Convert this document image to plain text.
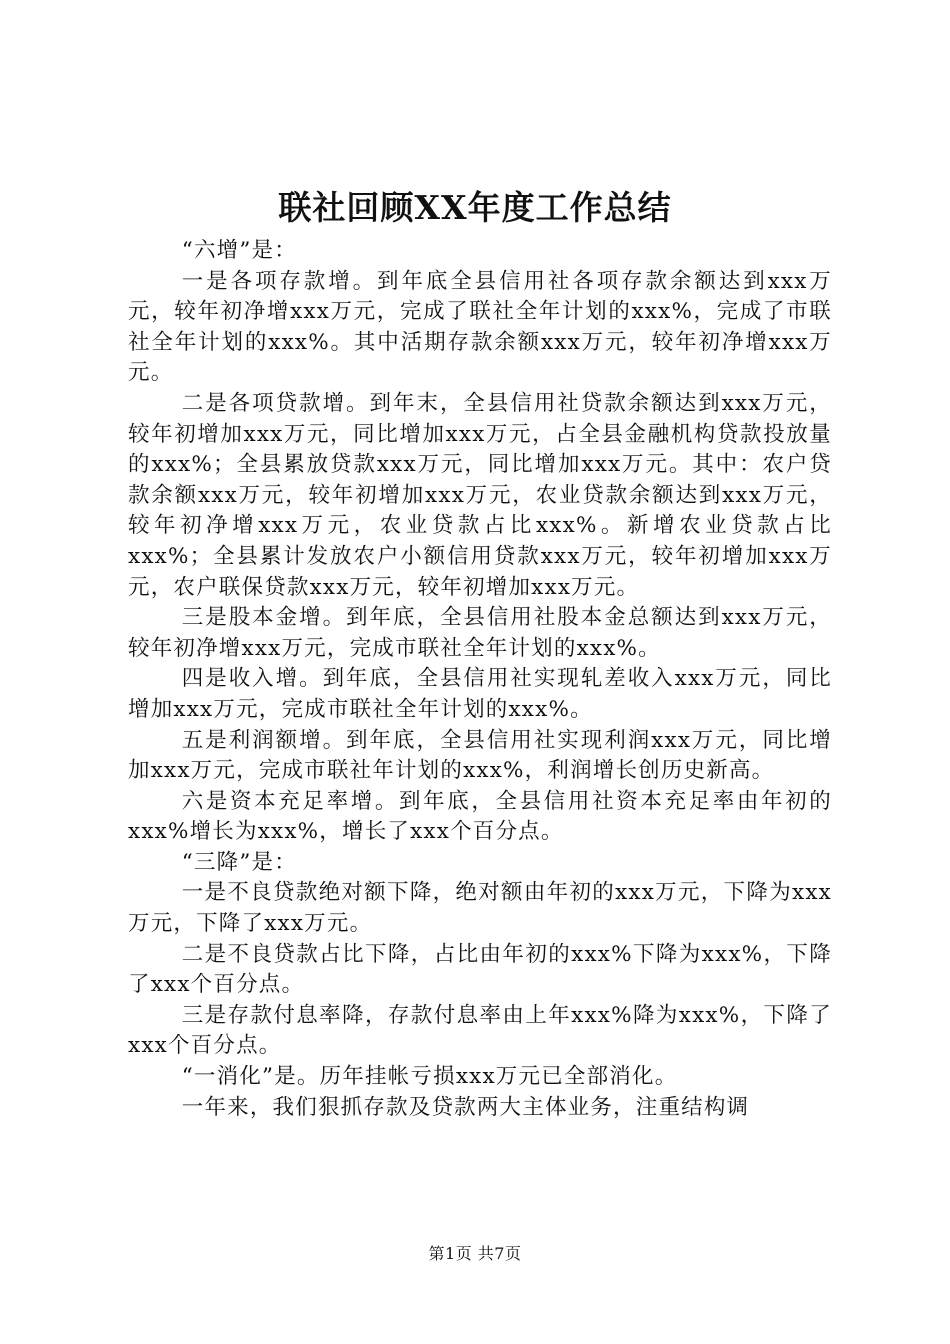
联社回顾XX年度工作总结

“六增”是：

一是各项存款增。到年底全县信用社各项存款余额达到xxx万元，较年初净增xxx万元，完成了联社全年计划的xxx%，完成了市联社全年计划的xxx%。其中活期存款余额xxx万元，较年初净增xxx万元。

二是各项贷款增。到年末，全县信用社贷款余额达到xxx万元，较年初增加xxx万元，同比增加xxx万元，占全县金融机构贷款投放量的xxx%；全县累放贷款xxx万元，同比增加xxx万元。其中：农户贷款余额xxx万元，较年初增加xxx万元，农业贷款余额达到xxx万元，较年初净增xxx万元，农业贷款占比xxx%。新增农业贷款占比xxx%；全县累计发放农户小额信用贷款xxx万元，较年初增加xxx万元，农户联保贷款xxx万元，较年初增加xxx万元。

三是股本金增。到年底，全县信用社股本金总额达到xxx万元，较年初净增xxx万元，完成市联社全年计划的xxx%。

四是收入增。到年底，全县信用社实现轧差收入xxx万元，同比增加xxx万元，完成市联社全年计划的xxx%。

五是利润额增。到年底，全县信用社实现利润xxx万元，同比增加xxx万元，完成市联社年计划的xxx%，利润增长创历史新高。

六是资本充足率增。到年底，全县信用社资本充足率由年初的xxx%增长为xxx%，增长了xxx个百分点。

“三降”是：

一是不良贷款绝对额下降，绝对额由年初的xxx万元，下降为xxx万元，下降了xxx万元。

二是不良贷款占比下降，占比由年初的xxx%下降为xxx%，下降了xxx个百分点。

三是存款付息率降，存款付息率由上年xxx%降为xxx%，下降了xxx个百分点。

“一消化”是。历年挂帐亏损xxx万元已全部消化。

一年来，我们狠抓存款及贷款两大主体业务，注重结构调

第1页 共7页
